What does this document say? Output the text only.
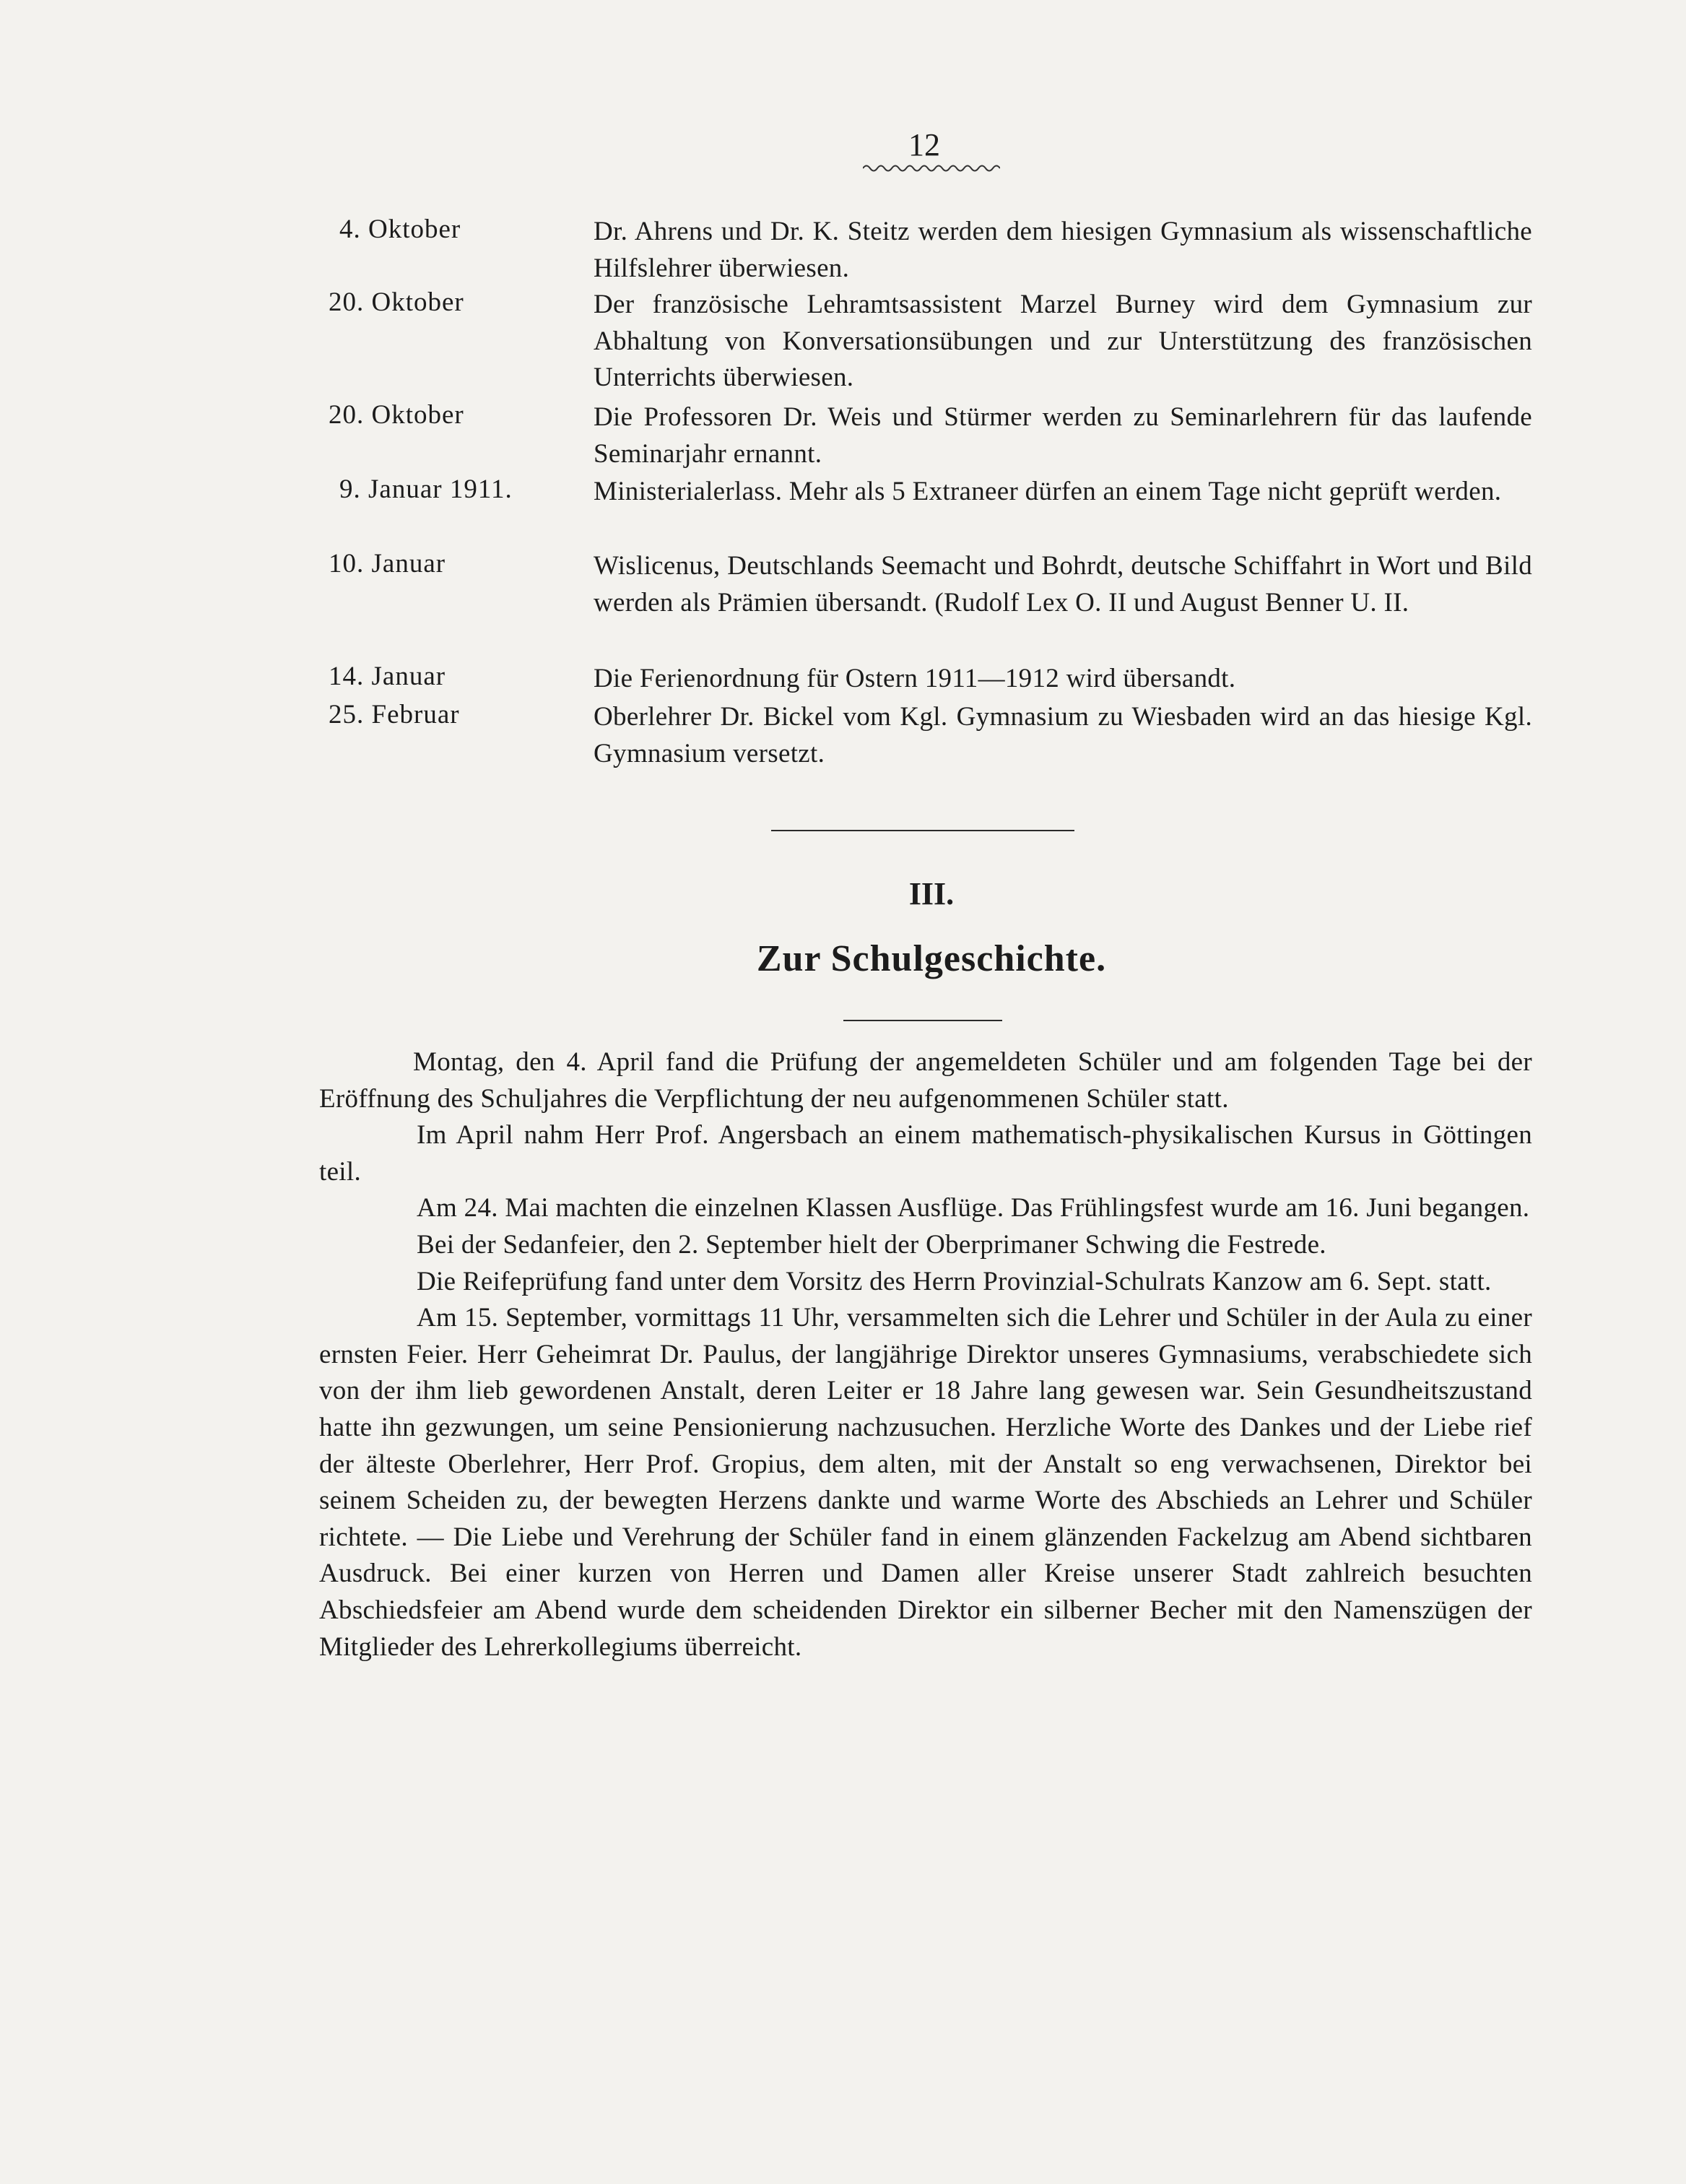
12
4. Oktober	Dr. Ahrens und Dr. K. Steitz werden dem hiesigen Gymnasium als wissenschaftliche Hilfslehrer überwiesen.
20. Oktober	Der französische Lehramtsassistent Marzel Burney wird dem Gymnasium zur Abhaltung von Konversationsübungen und zur Unterstützung des französischen Unterrichts überwiesen.
20. Oktober	Die Professoren Dr. Weis und Stürmer werden zu Seminarlehrern für das laufende Seminarjahr ernannt.
9. Januar 1911.	Ministerialerlass. Mehr als 5 Extraneer dürfen an einem Tage nicht geprüft werden.
10. Januar	Wislicenus, Deutschlands Seemacht und Bohrdt, deutsche Schiffahrt in Wort und Bild werden als Prämien übersandt. (Rudolf Lex O. II und August Benner U. II.
14. Januar	Die Ferienordnung für Ostern 1911—1912 wird übersandt.
25. Februar	Oberlehrer Dr. Bickel vom Kgl. Gymnasium zu Wiesbaden wird an das hiesige Kgl. Gymnasium versetzt.
III.
Zur Schulgeschichte.

Montag, den 4. April fand die Prüfung der angemeldeten Schüler und am folgenden Tage bei der Eröffnung des Schuljahres die Verpflichtung der neu aufgenommenen Schüler statt.

Im April nahm Herr Prof. Angersbach an einem mathematisch-physikalischen Kursus in Göttingen teil.

Am 24. Mai machten die einzelnen Klassen Ausflüge. Das Frühlingsfest wurde am 16. Juni begangen.

Bei der Sedanfeier, den 2. September hielt der Oberprimaner Schwing die Festrede.

Die Reifeprüfung fand unter dem Vorsitz des Herrn Provinzial-Schulrats Kanzow am 6. Sept. statt.

Am 15. September, vormittags 11 Uhr, versammelten sich die Lehrer und Schüler in der Aula zu einer ernsten Feier. Herr Geheimrat Dr. Paulus, der langjährige Direktor unseres Gymnasiums, verabschiedete sich von der ihm lieb gewordenen Anstalt, deren Leiter er 18 Jahre lang gewesen war. Sein Gesundheitszustand hatte ihn gezwungen, um seine Pensionierung nachzusuchen. Herzliche Worte des Dankes und der Liebe rief der älteste Oberlehrer, Herr Prof. Gropius, dem alten, mit der Anstalt so eng verwachsenen, Direktor bei seinem Scheiden zu, der bewegten Herzens dankte und warme Worte des Abschieds an Lehrer und Schüler richtete. — Die Liebe und Verehrung der Schüler fand in einem glänzenden Fackelzug am Abend sichtbaren Ausdruck. Bei einer kurzen von Herren und Damen aller Kreise unserer Stadt zahlreich besuchten Abschiedsfeier am Abend wurde dem scheidenden Direktor ein silberner Becher mit den Namenszügen der Mitglieder des Lehrerkollegiums überreicht.
